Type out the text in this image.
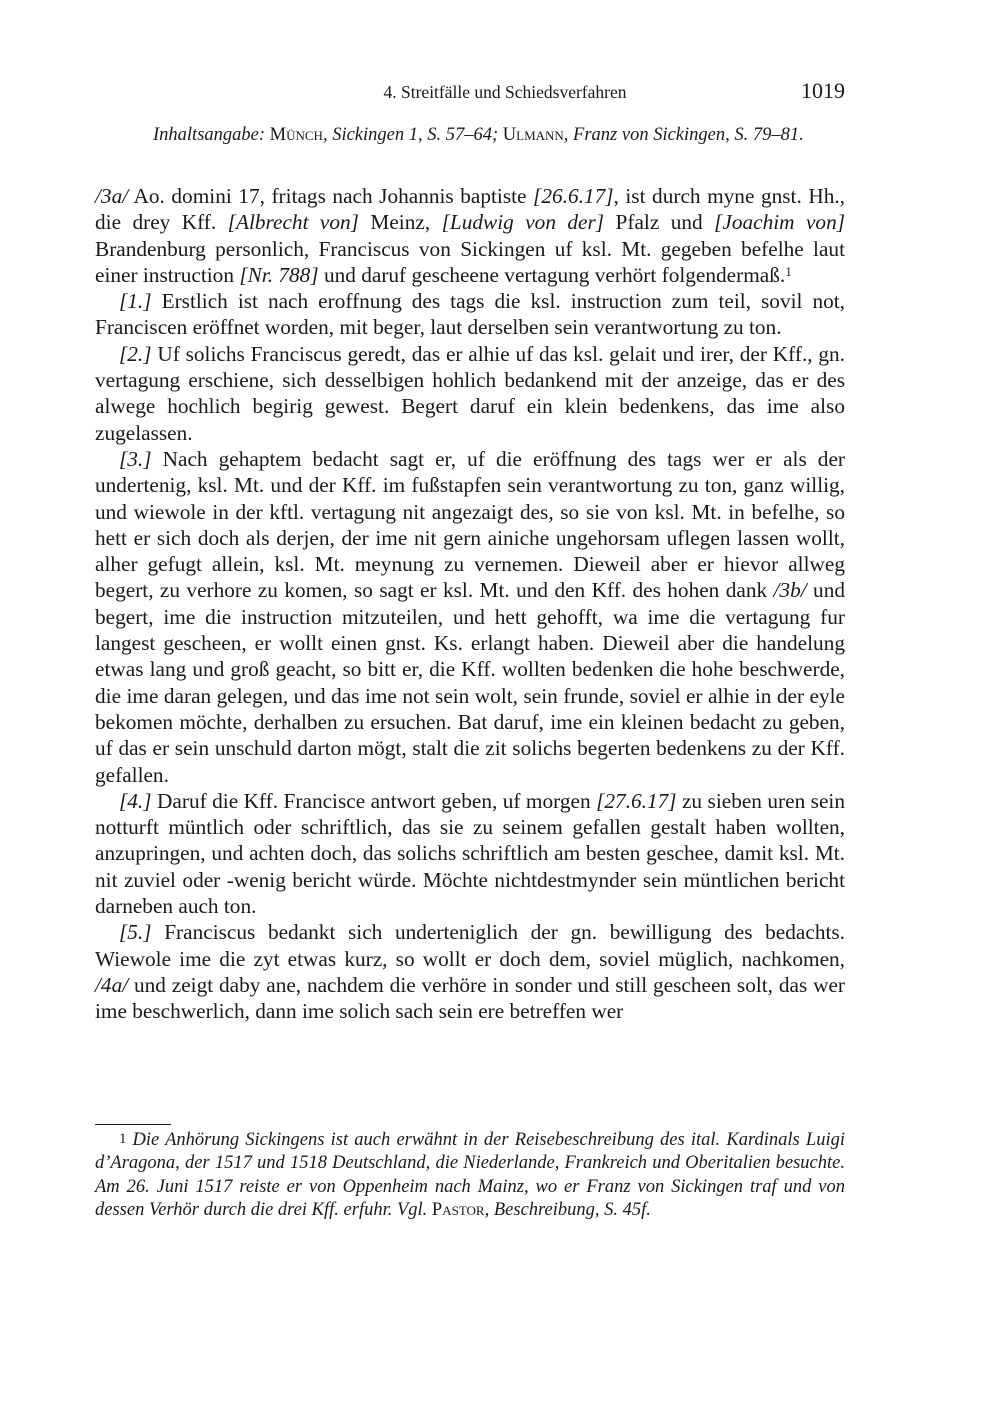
4. Streitfälle und Schiedsverfahren	1019
Inhaltsangabe: Münch, Sickingen 1, S. 57–64; Ulmann, Franz von Sickingen, S. 79–81.

/3a/ Ao. domini 17, fritags nach Johannis baptiste [26.6.17], ist durch myne gnst. Hh., die drey Kff. [Albrecht von] Meinz, [Ludwig von der] Pfalz und [Joachim von] Brandenburg personlich, Franciscus von Sickingen uf ksl. Mt. gegeben befelhe laut einer instruction [Nr. 788] und daruf gescheene vertagung verhört folgendermaß.$^1$

[1.] Erstlich ist nach eroffnung des tags die ksl. instruction zum teil, sovil not, Franciscen eröffnet worden, mit beger, laut derselben sein verantwortung zu ton.

[2.] Uf solichs Franciscus geredt, das er alhie uf das ksl. gelait und irer, der Kff., gn. vertagung erschiene, sich desselbigen hohlich bedankend mit der anzeige, das er des alwege hochlich begirig gewest. Begert daruf ein klein bedenkens, das ime also zugelassen.

[3.] Nach gehaptem bedacht sagt er, uf die eröffnung des tags wer er als der undertenig, ksl. Mt. und der Kff. im fußstapfen sein verantwortung zu ton, ganz willig, und wiewole in der kftl. vertagung nit angezaigt des, so sie von ksl. Mt. in befelhe, so hett er sich doch als derjen, der ime nit gern ainiche ungehorsam uflegen lassen wollt, alher gefugt allein, ksl. Mt. meynung zu vernemen. Dieweil aber er hievor allweg begert, zu verhore zu komen, so sagt er ksl. Mt. und den Kff. des hohen dank /3b/ und begert, ime die instruction mitzuteilen, und hett gehofft, wa ime die vertagung fur langest gescheen, er wollt einen gnst. Ks. erlangt haben. Dieweil aber die handelung etwas lang und groß geacht, so bitt er, die Kff. wollten bedenken die hohe beschwerde, die ime daran gelegen, und das ime not sein wolt, sein frunde, soviel er alhie in der eyle bekomen möchte, derhalben zu ersuchen. Bat daruf, ime ein kleinen bedacht zu geben, uf das er sein unschuld darton mögt, stalt die zit solichs begerten bedenkens zu der Kff. gefallen.

[4.] Daruf die Kff. Francisce antwort geben, uf morgen [27.6.17] zu sieben uren sein notturft müntlich oder schriftlich, das sie zu seinem gefallen gestalt haben wollten, anzupringen, und achten doch, das solichs schriftlich am besten geschee, damit ksl. Mt. nit zuviel oder -wenig bericht würde. Möchte nichtdestmynder sein müntlichen bericht darneben auch ton.

[5.] Franciscus bedankt sich underteniglich der gn. bewilligung des bedachts. Wiewole ime die zyt etwas kurz, so wollt er doch dem, soviel müglich, nachkomen, /4a/ und zeigt daby ane, nachdem die verhöre in sonder und still gescheen solt, das wer ime beschwerlich, dann ime solich sach sein ere betreffen wer

1 Die Anhörung Sickingens ist auch erwähnt in der Reisebeschreibung des ital. Kardinals Luigi d’Aragona, der 1517 und 1518 Deutschland, die Niederlande, Frankreich und Oberitalien besuchte. Am 26. Juni 1517 reiste er von Oppenheim nach Mainz, wo er Franz von Sickingen traf und von dessen Verhör durch die drei Kff. erfuhr. Vgl. Pastor, Beschreibung, S. 45f.
